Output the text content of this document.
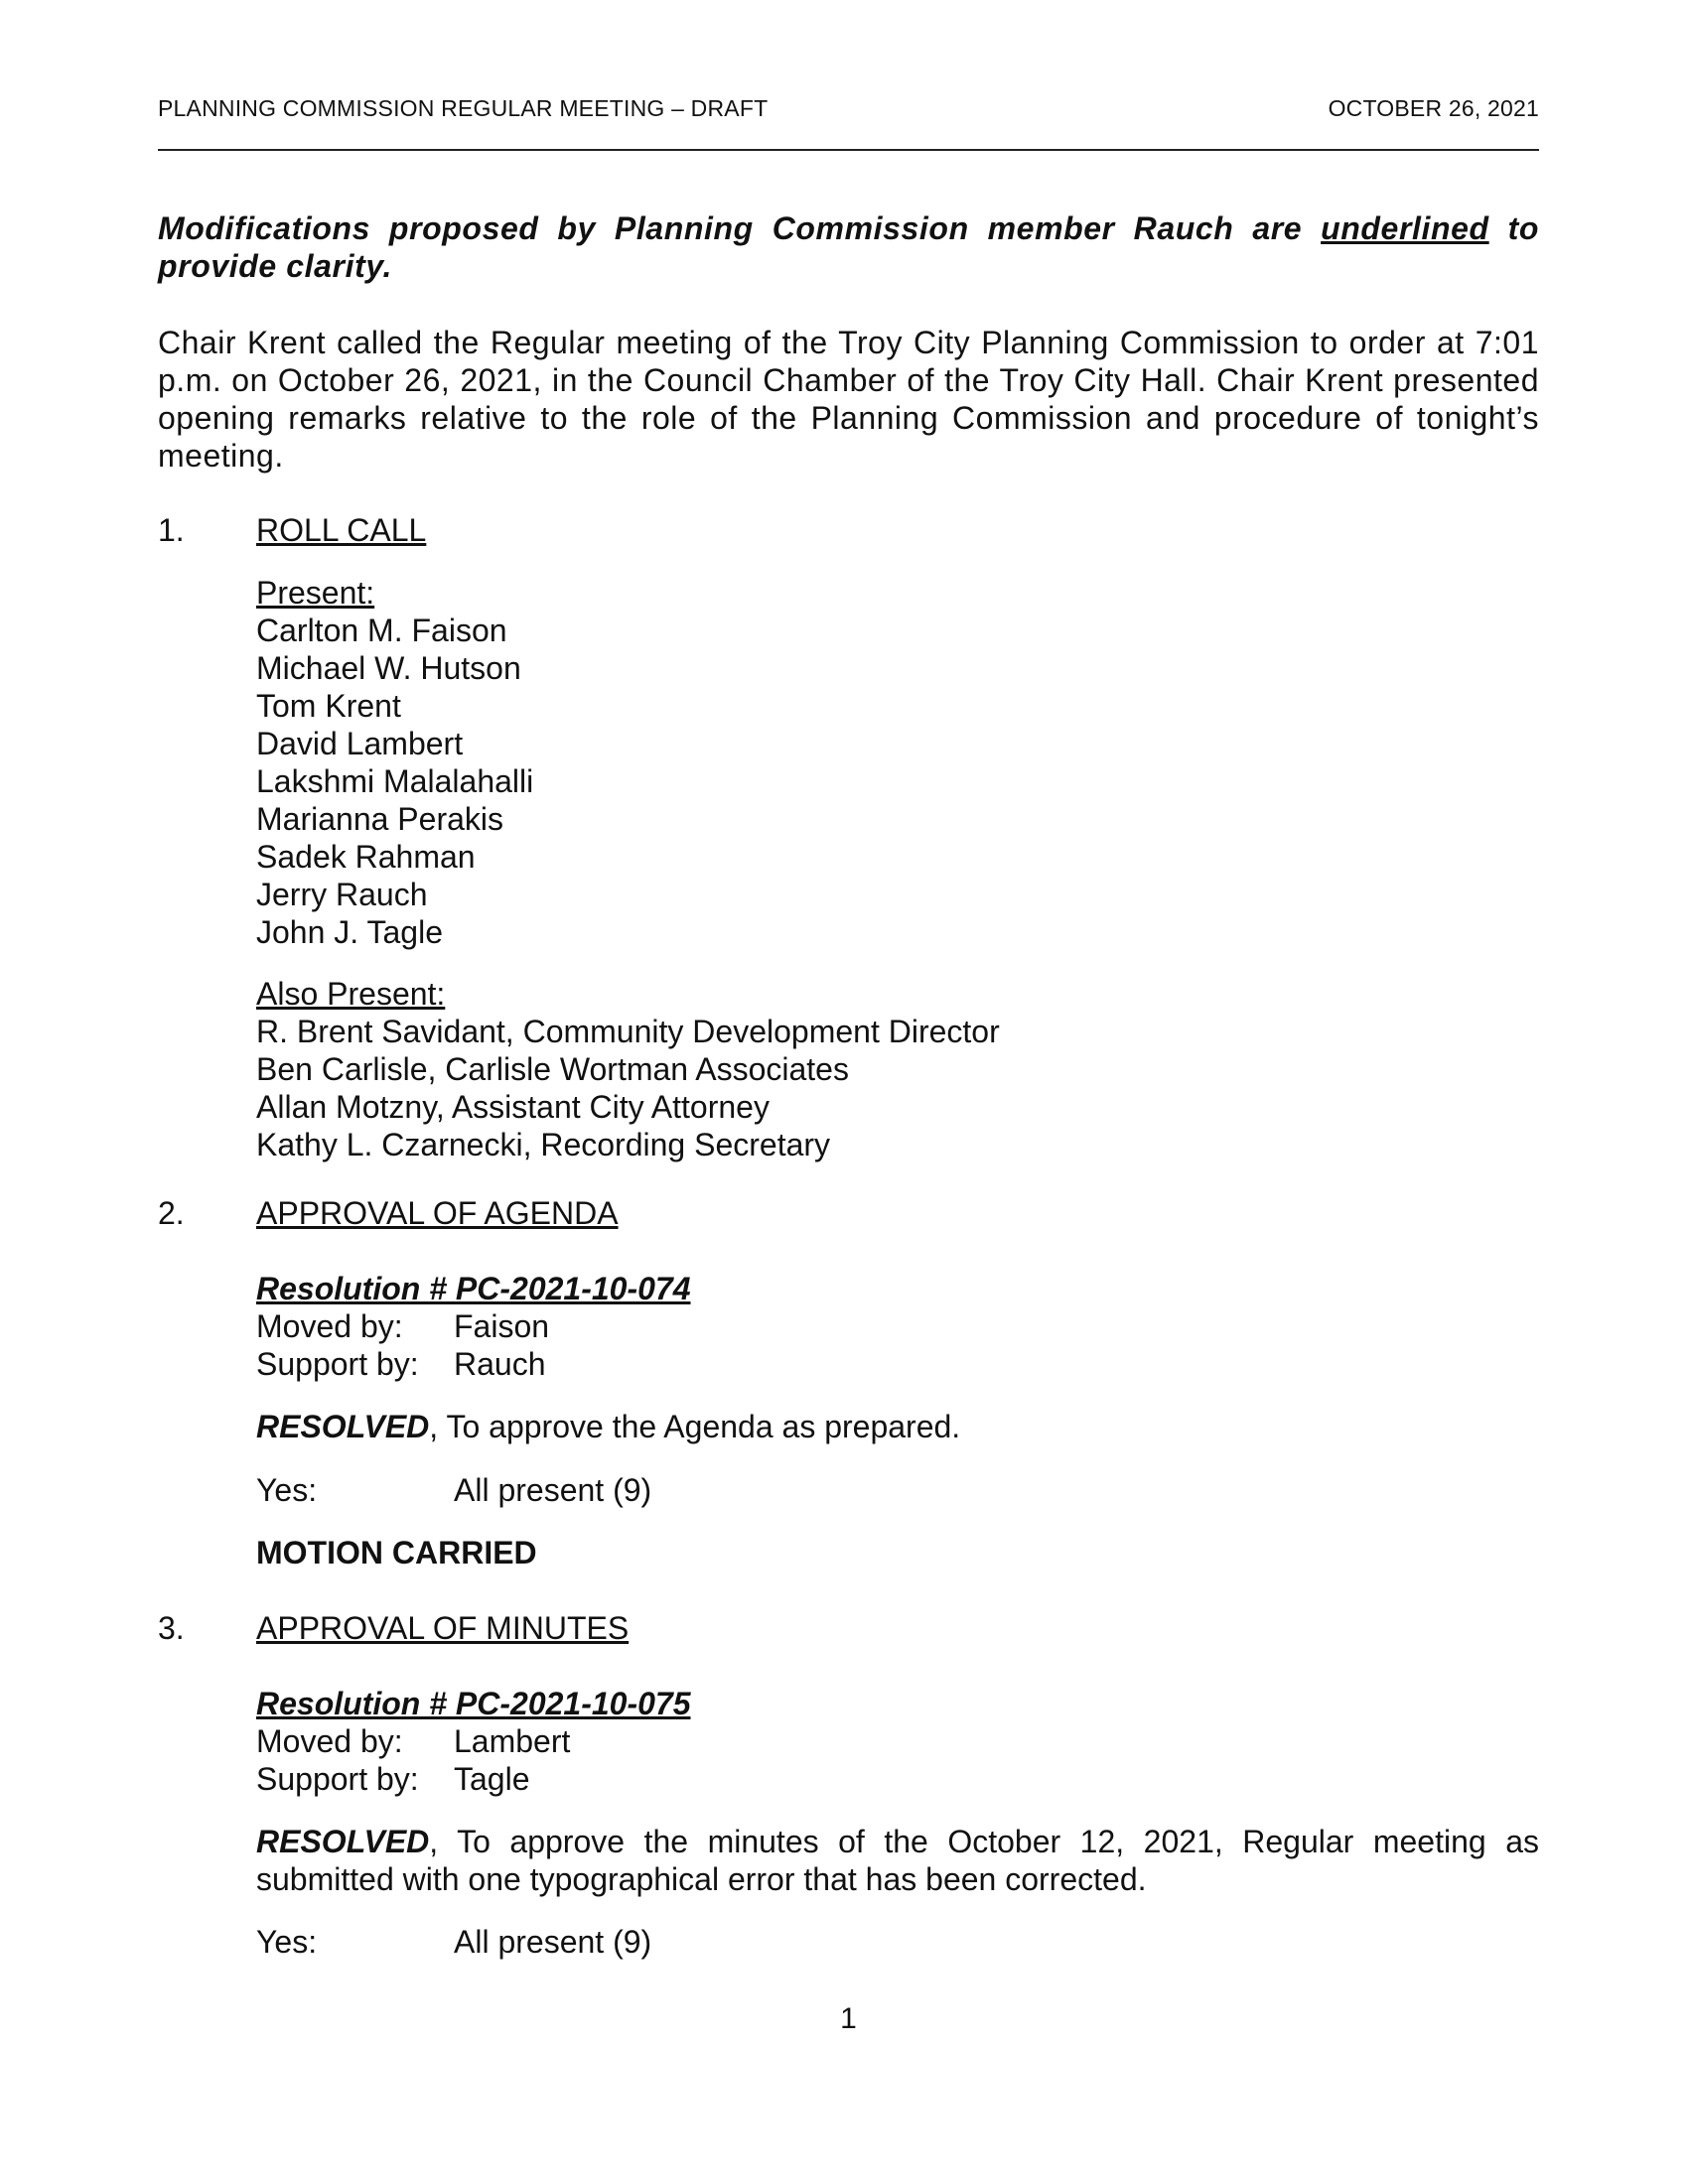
PLANNING COMMISSION REGULAR MEETING – DRAFT	OCTOBER 26, 2021
Modifications proposed by Planning Commission member Rauch are underlined to provide clarity.
Chair Krent called the Regular meeting of the Troy City Planning Commission to order at 7:01 p.m. on October 26, 2021, in the Council Chamber of the Troy City Hall. Chair Krent presented opening remarks relative to the role of the Planning Commission and procedure of tonight’s meeting.
1. ROLL CALL
Present:
Carlton M. Faison
Michael W. Hutson
Tom Krent
David Lambert
Lakshmi Malalahalli
Marianna Perakis
Sadek Rahman
Jerry Rauch
John J. Tagle
Also Present:
R. Brent Savidant, Community Development Director
Ben Carlisle, Carlisle Wortman Associates
Allan Motzny, Assistant City Attorney
Kathy L. Czarnecki, Recording Secretary
2. APPROVAL OF AGENDA
Resolution # PC-2021-10-074
Moved by:	Faison
Support by:	Rauch
RESOLVED, To approve the Agenda as prepared.
Yes:	All present (9)
MOTION CARRIED
3. APPROVAL OF MINUTES
Resolution # PC-2021-10-075
Moved by:	Lambert
Support by:	Tagle
RESOLVED, To approve the minutes of the October 12, 2021, Regular meeting as submitted with one typographical error that has been corrected.
Yes:	All present (9)
1
